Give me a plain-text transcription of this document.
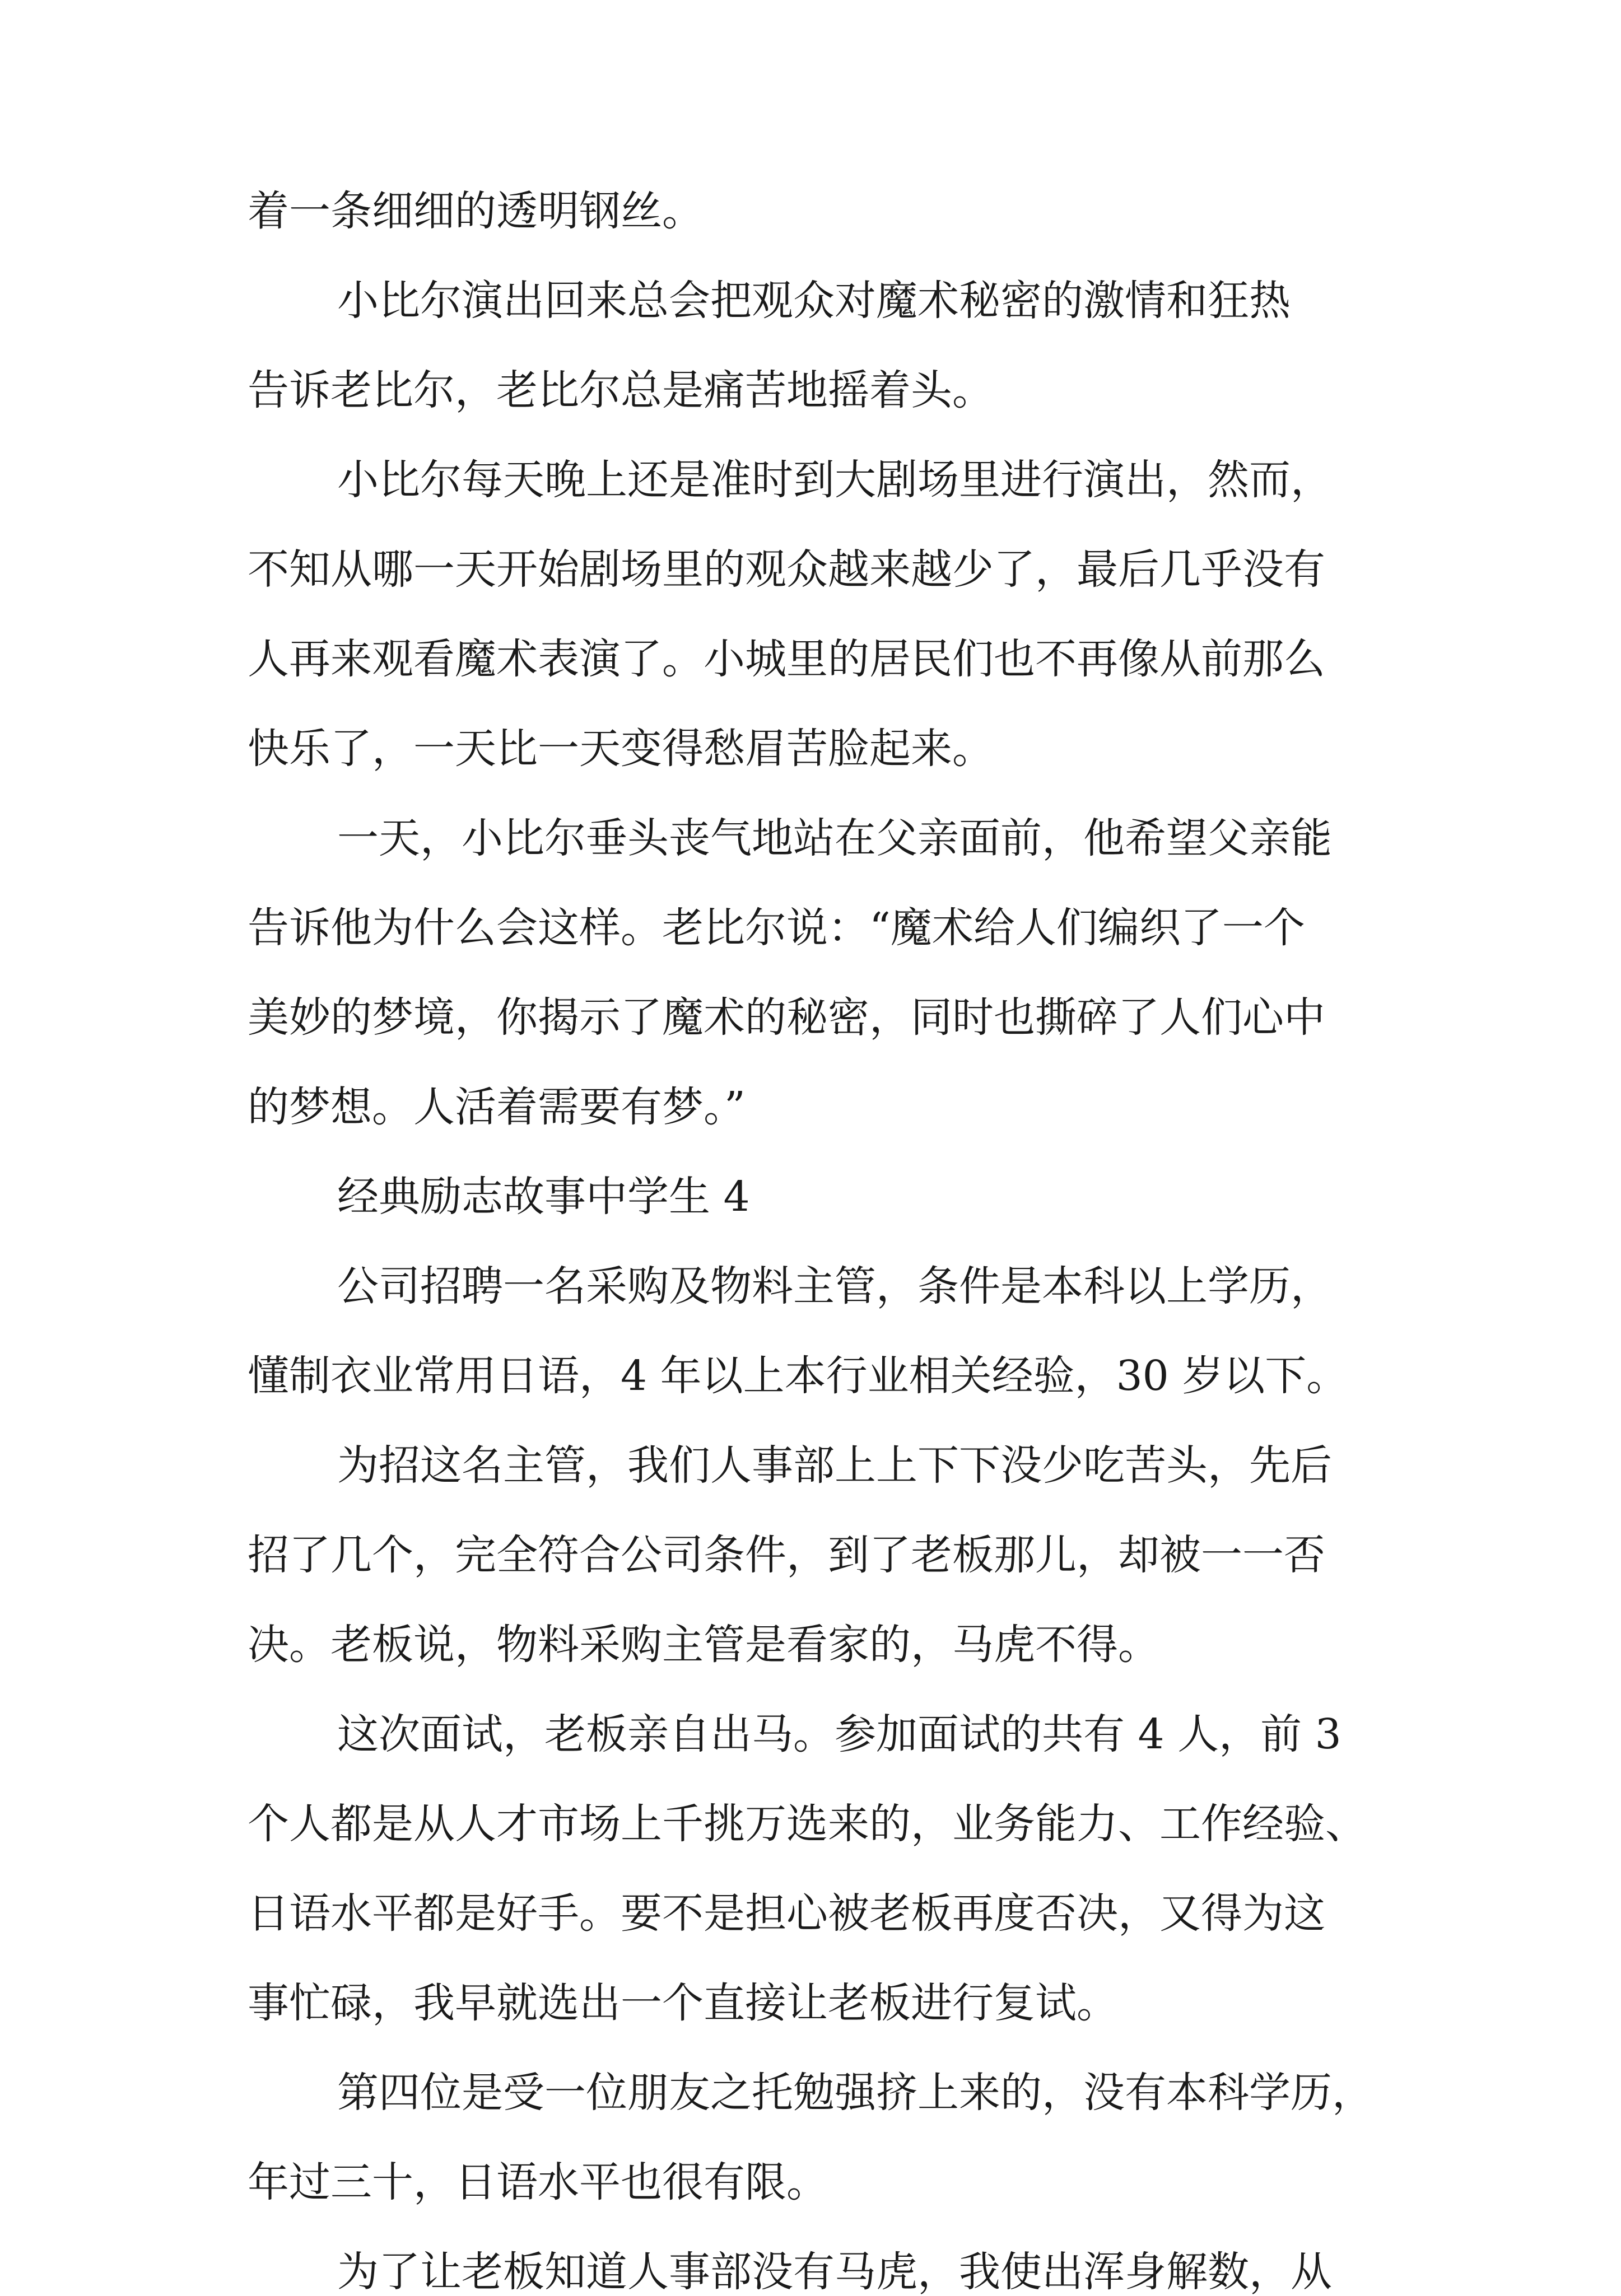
着一条细细的透明钢丝。
小比尔演出回来总会把观众对魔术秘密的激情和狂热
告诉老比尔，老比尔总是痛苦地摇着头。
小比尔每天晚上还是准时到大剧场里进行演出，然而，
不知从哪一天开始剧场里的观众越来越少了，最后几乎没有
人再来观看魔术表演了。小城里的居民们也不再像从前那么
快乐了，一天比一天变得愁眉苦脸起来。
一天，小比尔垂头丧气地站在父亲面前，他希望父亲能
告诉他为什么会这样。老比尔说：“魔术给人们编织了一个
美妙的梦境，你揭示了魔术的秘密，同时也撕碎了人们心中
的梦想。人活着需要有梦。”
经典励志故事中学生 4
公司招聘一名采购及物料主管，条件是本科以上学历，
懂制衣业常用日语，4 年以上本行业相关经验，30 岁以下。
为招这名主管，我们人事部上上下下没少吃苦头，先后
招了几个，完全符合公司条件，到了老板那儿，却被一一否
决。老板说，物料采购主管是看家的，马虎不得。
这次面试，老板亲自出马。参加面试的共有 4 人，前 3
个人都是从人才市场上千挑万选来的，业务能力、工作经验、
日语水平都是好手。要不是担心被老板再度否决，又得为这
事忙碌，我早就选出一个直接让老板进行复试。
第四位是受一位朋友之托勉强挤上来的，没有本科学历，
年过三十，日语水平也很有限。
为了让老板知道人事部没有马虎，我使出浑身解数，从
